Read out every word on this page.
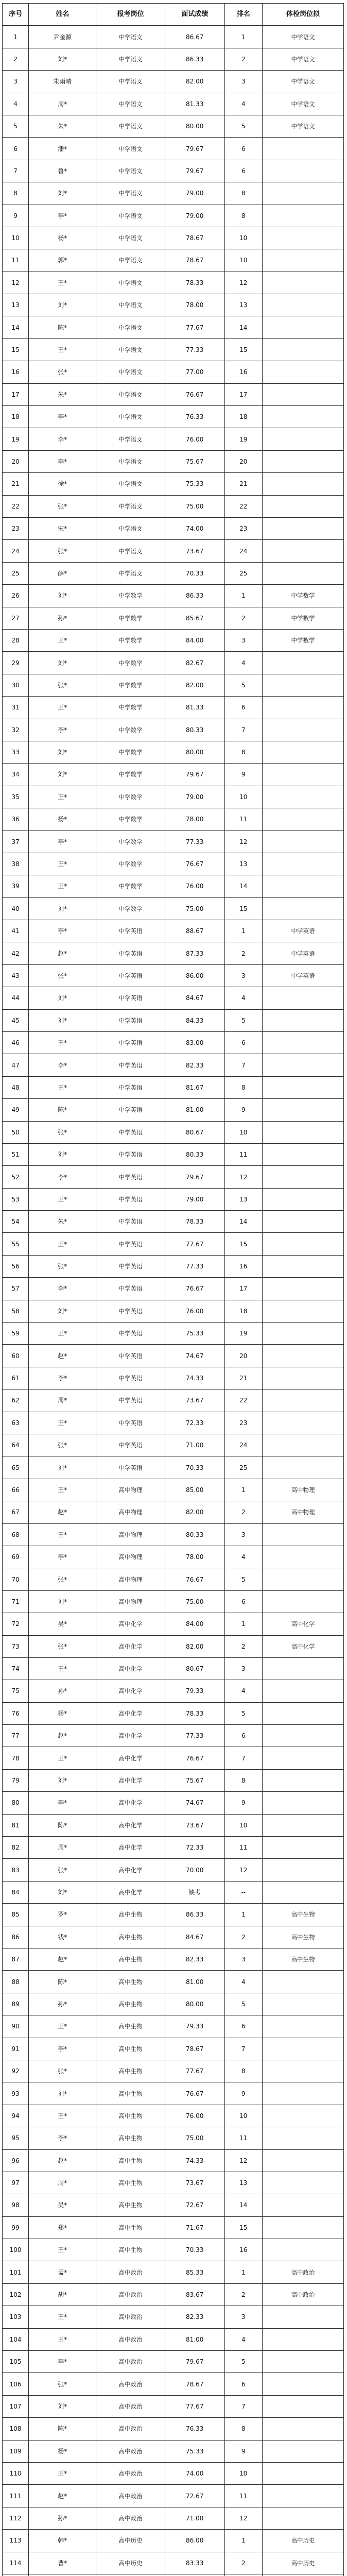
序号	姓名	报考岗位	面试成绩	排名	体检岗位拟
1	尹金源	中学语文	86.67	1	中学语文
2	刘*	中学语文	86.33	2	中学语文
3	朱雨晴	中学语文	82.00	3	中学语文
4	周*	中学语文	81.33	4	中学语文
5	朱*	中学语文	80.00	5	中学语文
6	潘*	中学语文	79.67	6	
7	鲁*	中学语文	79.67	6	
8	刘*	中学语文	79.00	8	
9	李*	中学语文	79.00	8	
10	杨*	中学语文	78.67	10	
11	郭*	中学语文	78.67	10	
12	王*	中学语文	78.33	12	
13	刘*	中学语文	78.00	13	
14	陈*	中学语文	77.67	14	
15	王*	中学语文	77.33	15	
16	张*	中学语文	77.00	16	
17	朱*	中学语文	76.67	17	
18	李*	中学语文	76.33	18	
19	李*	中学语文	76.00	19	
20	李*	中学语文	75.67	20	
21	徐*	中学语文	75.33	21	
22	张*	中学语文	75.00	22	
23	宋*	中学语文	74.00	23	
24	张*	中学语文	73.67	24	
25	薛*	中学语文	70.33	25	
26	刘*	中学数学	86.33	1	中学数学
27	孙*	中学数学	85.67	2	中学数学
28	王*	中学数学	84.00	3	中学数学
29	刘*	中学数学	82.67	4	
30	张*	中学数学	82.00	5	
31	王*	中学数学	81.33	6	
32	李*	中学数学	80.33	7	
33	刘*	中学数学	80.00	8	
34	刘*	中学数学	79.67	9	
35	王*	中学数学	79.00	10	
36	杨*	中学数学	78.00	11	
37	李*	中学数学	77.33	12	
38	王*	中学数学	76.67	13	
39	王*	中学数学	76.00	14	
40	刘*	中学数学	75.00	15	
41	李*	中学英语	88.67	1	中学英语
42	赵*	中学英语	87.33	2	中学英语
43	张*	中学英语	86.00	3	中学英语
44	刘*	中学英语	84.67	4	
45	刘*	中学英语	84.33	5	
46	王*	中学英语	83.00	6	
47	李*	中学英语	82.33	7	
48	王*	中学英语	81.67	8	
49	陈*	中学英语	81.00	9	
50	张*	中学英语	80.67	10	
51	刘*	中学英语	80.33	11	
52	李*	中学英语	79.67	12	
53	王*	中学英语	79.00	13	
54	朱*	中学英语	78.33	14	
55	王*	中学英语	77.67	15	
56	张*	中学英语	77.33	16	
57	李*	中学英语	76.67	17	
58	刘*	中学英语	76.00	18	
59	王*	中学英语	75.33	19	
60	赵*	中学英语	74.67	20	
61	李*	中学英语	74.33	21	
62	周*	中学英语	73.67	22	
63	王*	中学英语	72.33	23	
64	张*	中学英语	71.00	24	
65	刘*	中学英语	70.33	25	
66	王*	高中物理	85.00	1	高中物理
67	赵*	高中物理	82.00	2	高中物理
68	王*	高中物理	80.33	3	
69	李*	高中物理	78.00	4	
70	张*	高中物理	76.67	5	
71	刘*	高中物理	75.00	6	
72	吴*	高中化学	84.00	1	高中化学
73	张*	高中化学	82.00	2	高中化学
74	王*	高中化学	80.67	3	
75	孙*	高中化学	79.33	4	
76	杨*	高中化学	78.33	5	
77	赵*	高中化学	77.33	6	
78	王*	高中化学	76.67	7	
79	刘*	高中化学	75.67	8	
80	李*	高中化学	74.67	9	
81	陈*	高中化学	73.67	10	
82	周*	高中化学	72.33	11	
83	张*	高中化学	70.00	12	
84	刘*	高中化学	缺考	--	
85	罗*	高中生物	86.33	1	高中生物
86	钱*	高中生物	84.67	2	高中生物
87	赵*	高中生物	82.33	3	高中生物
88	陈*	高中生物	81.00	4	
89	孙*	高中生物	80.00	5	
90	王*	高中生物	79.33	6	
91	李*	高中生物	78.67	7	
92	张*	高中生物	77.67	8	
93	刘*	高中生物	76.67	9	
94	王*	高中生物	76.00	10	
95	李*	高中生物	75.00	11	
96	赵*	高中生物	74.33	12	
97	周*	高中生物	73.67	13	
98	吴*	高中生物	72.67	14	
99	郑*	高中生物	71.67	15	
100	王*	高中生物	70.33	16	
101	孟*	高中政治	85.33	1	高中政治
102	胡*	高中政治	83.67	2	高中政治
103	王*	高中政治	82.33	3	
104	王*	高中政治	81.00	4	
105	李*	高中政治	79.67	5	
106	张*	高中政治	78.67	6	
107	刘*	高中政治	77.67	7	
108	陈*	高中政治	76.33	8	
109	杨*	高中政治	75.33	9	
110	王*	高中政治	74.00	10	
111	赵*	高中政治	72.67	11	
112	孙*	高中政治	71.00	12	
113	韩*	高中历史	86.00	1	高中历史
114	曹*	高中历史	83.33	2	高中历史
